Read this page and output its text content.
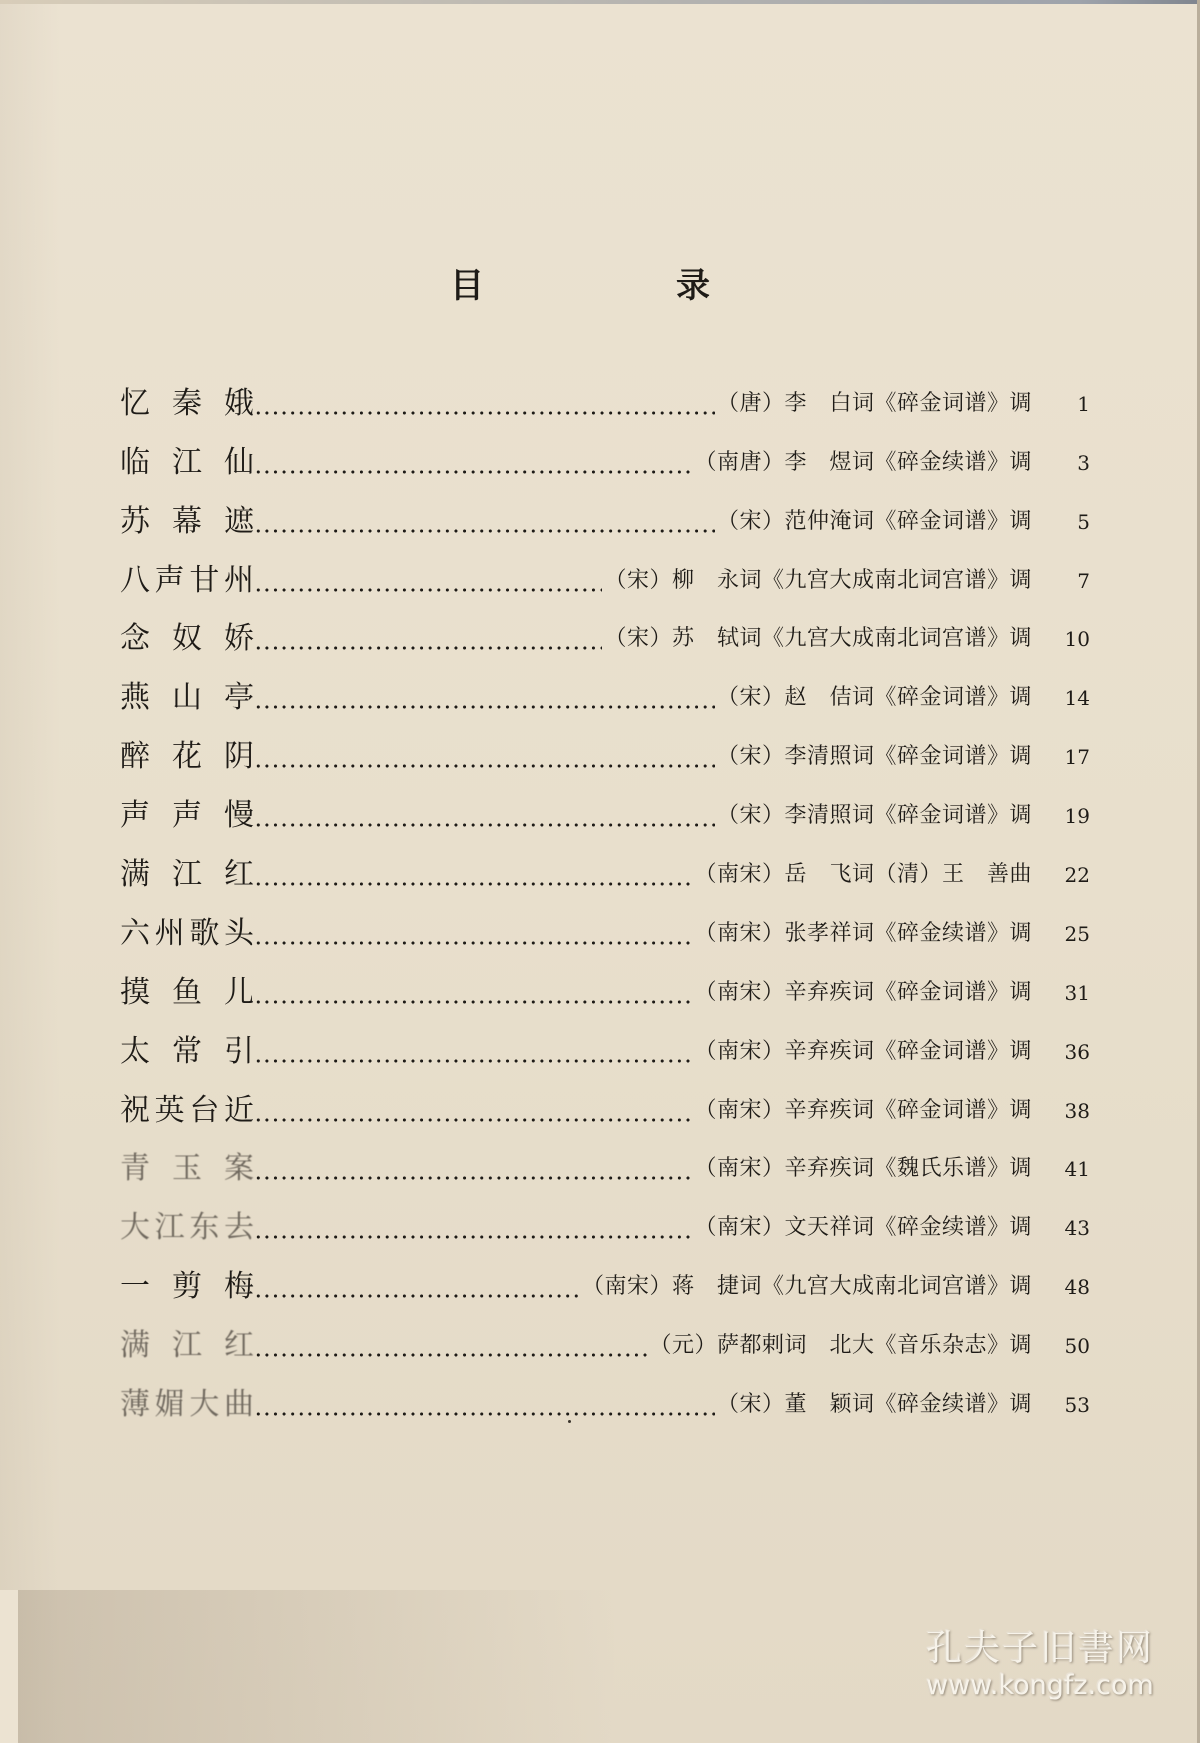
目	录
忆秦娥	（唐）李　白词《碎金词谱》调	1
临江仙	（南唐）李　煜词《碎金续谱》调	3
苏幕遮	（宋）范仲淹词《碎金词谱》调	5
八声甘州	（宋）柳　永词《九宫大成南北词宫谱》调	7
念奴娇	（宋）苏　轼词《九宫大成南北词宫谱》调	10
燕山亭	（宋）赵　佶词《碎金词谱》调	14
醉花阴	（宋）李清照词《碎金词谱》调	17
声声慢	（宋）李清照词《碎金词谱》调	19
满江红	（南宋）岳　飞词（清）王　善曲	22
六州歌头	（南宋）张孝祥词《碎金续谱》调	25
摸鱼儿	（南宋）辛弃疾词《碎金词谱》调	31
太常引	（南宋）辛弃疾词《碎金词谱》调	36
祝英台近	（南宋）辛弃疾词《碎金词谱》调	38
青玉案	（南宋）辛弃疾词《魏氏乐谱》调	41
大江东去	（南宋）文天祥词《碎金续谱》调	43
一剪梅	（南宋）蒋　捷词《九宫大成南北词宫谱》调	48
满江红	（元）萨都剌词　北大《音乐杂志》调	50
薄媚大曲	（宋）董　颖词《碎金续谱》调	53
孔夫子旧書网
www.kongfz.com
